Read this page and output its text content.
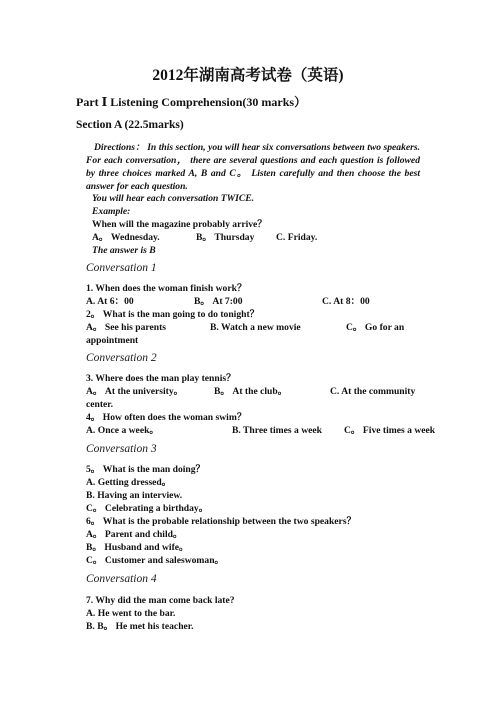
2012年湖南高考试卷（英语)
Part Ⅰ Listening Comprehension(30 marks）
Section A (22.5marks)
Directions： In this section, you will hear six conversations between two speakers. For each conversation， there are several questions and each question is followed by three choices marked A, B and C。 Listen carefully and then choose the best answer for each question.
You will hear each conversation TWICE.
Example:
When will the magazine probably arrive？
A。 Wednesday.	B。 Thursday C. Friday.
The answer is B
Conversation 1
1. When does the woman finish work？
A. At 6：00	B。 At 7:00	C. At 8：00
2。 What is the man going to do tonight？
A。 See his parents	B. Watch a new movie	C。 Go for an
appointment
Conversation 2
3. Where does the man play tennis？
A。 At the university。	B。 At the club。	C. At the community
center.
4。 How often does the woman swim？
A. Once a week。	B. Three times a week C。 Five times a week
Conversation 3
5。 What is the man doing？
A. Getting dressed。
B. Having an interview.
C。 Celebrating a birthday。
6。 What is the probable relationship between the two speakers？
A。 Parent and child。
B。 Husband and wife。
C。 Customer and saleswoman。
Conversation 4
7. Why did the man come back late?
A. He went to the bar.
B. B。 He met his teacher.
